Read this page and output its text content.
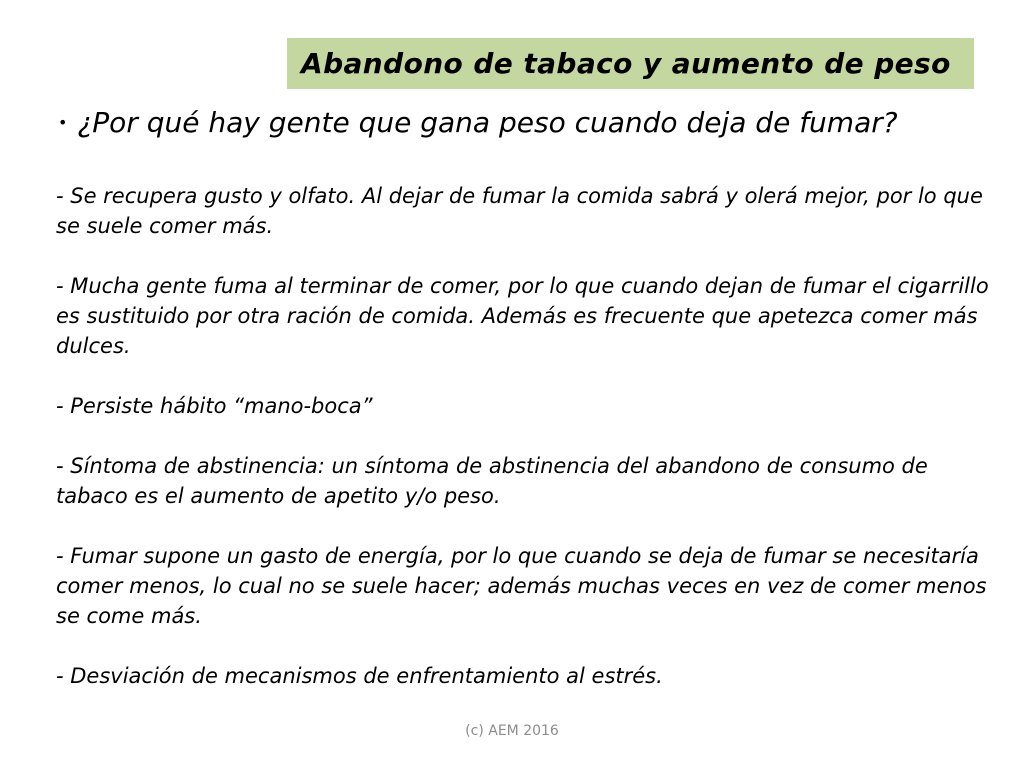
Abandono de tabaco y aumento de peso
• ¿Por qué hay gente que gana peso cuando deja de fumar?

- Se recupera gusto y olfato. Al dejar de fumar la comida sabrá y olerá mejor, por lo que se suele comer más.

- Mucha gente fuma al terminar de comer, por lo que cuando dejan de fumar el cigarrillo es sustituido por otra ración de comida. Además es frecuente que apetezca comer más dulces.

- Persiste hábito “mano-boca”

- Síntoma de abstinencia: un síntoma de abstinencia del abandono de consumo de tabaco es el aumento de apetito y/o peso.

- Fumar supone un gasto de energía, por lo que cuando se deja de fumar se necesitaría comer menos, lo cual no se suele hacer; además muchas veces en vez de comer menos se come más.

- Desviación de mecanismos de enfrentamiento al estrés.

(c) AEM 2016
